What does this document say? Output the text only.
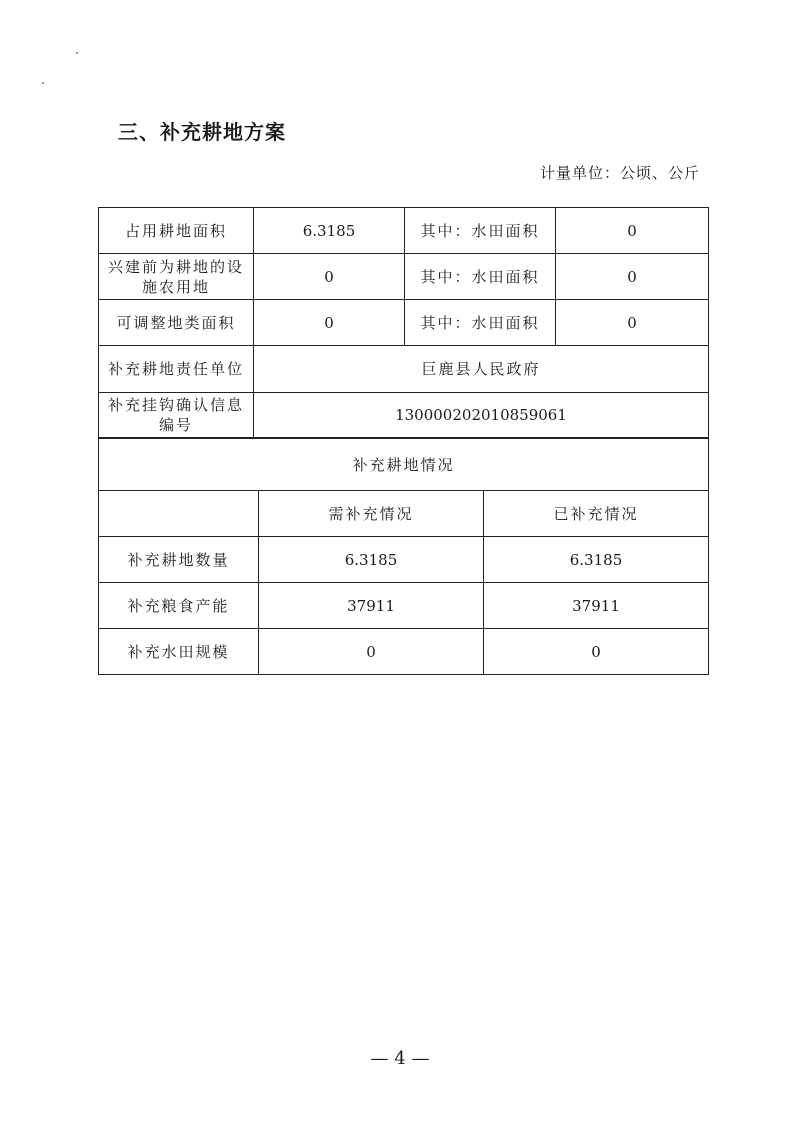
三、补充耕地方案
计量单位：公顷、公斤
占用耕地面积	6.3185	其中：水田面积	0
兴建前为耕地的设施农用地	0	其中：水田面积	0
可调整地类面积	0	其中：水田面积	0
补充耕地责任单位	巨鹿县人民政府		
补充挂钩确认信息编号	130000202010859061		
补充耕地情况		
	需补充情况	已补充情况
补充耕地数量	6.3185	6.3185
补充粮食产能	37911	37911
补充水田规模	0	0
— 4 —
